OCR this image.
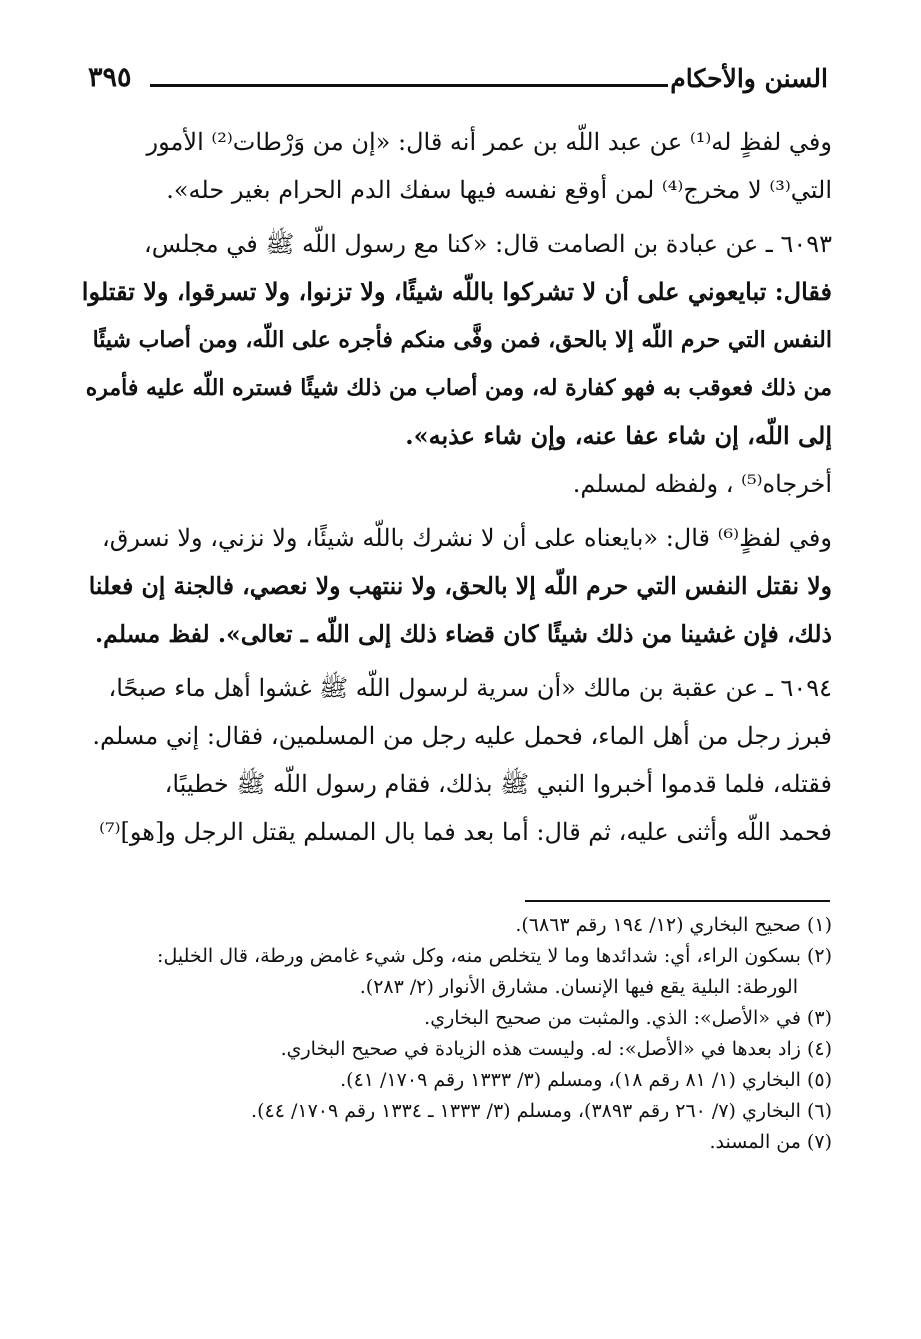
السنن والأحكام
٣٩٥
وفي لفظٍ له⁽¹⁾ عن عبد اللّه بن عمر أنه قال: «إن من وَرْطات⁽²⁾ الأمور
التي⁽³⁾ لا مخرج⁽⁴⁾ لمن أوقع نفسه فيها سفك الدم الحرام بغير حله».
٦٠٩٣ ـ عن عبادة بن الصامت قال: «كنا مع رسول اللّه ﷺ في مجلس،
فقال: تبايعوني على أن لا تشركوا باللّه شيئًا، ولا تزنوا، ولا تسرقوا، ولا تقتلوا
النفس التي حرم اللّه إلا بالحق، فمن وفَّى منكم فأجره على اللّه، ومن أصاب شيئًا
من ذلك فعوقب به فهو كفارة له، ومن أصاب من ذلك شيئًا فستره اللّه عليه فأمره
إلى اللّه، إن شاء عفا عنه، وإن شاء عذبه».
أخرجاه⁽⁵⁾ ، ولفظه لمسلم.
وفي لفظٍ⁽⁶⁾ قال: «بايعناه على أن لا نشرك باللّه شيئًا، ولا نزني، ولا نسرق،
ولا نقتل النفس التي حرم اللّه إلا بالحق، ولا ننتهب ولا نعصي، فالجنة إن فعلنا
ذلك، فإن غشينا من ذلك شيئًا كان قضاء ذلك إلى اللّه ـ تعالى». لفظ مسلم.
٦٠٩٤ ـ عن عقبة بن مالك «أن سرية لرسول اللّه ﷺ غشوا أهل ماء صبحًا،
فبرز رجل من أهل الماء، فحمل عليه رجل من المسلمين، فقال: إني مسلم.
فقتله، فلما قدموا أخبروا النبي ﷺ بذلك، فقام رسول اللّه ﷺ خطيبًا،
فحمد اللّه وأثنى عليه، ثم قال: أما بعد فما بال المسلم يقتل الرجل و[هو]⁽⁷⁾
(١) صحيح البخاري (١٢/ ١٩٤ رقم ٦٨٦٣).
(٢) بسكون الراء، أي: شدائدها وما لا يتخلص منه، وكل شيء غامض ورطة، قال الخليل:
الورطة: البلية يقع فيها الإنسان. مشارق الأنوار (٢/ ٢٨٣).
(٣) في «الأصل»: الذي. والمثبت من صحيح البخاري.
(٤) زاد بعدها في «الأصل»: له. وليست هذه الزيادة في صحيح البخاري.
(٥) البخاري (١/ ٨١ رقم ١٨)، ومسلم (٣/ ١٣٣٣ رقم ١٧٠٩/ ٤١).
(٦) البخاري (٧/ ٢٦٠ رقم ٣٨٩٣)، ومسلم (٣/ ١٣٣٣ ـ ١٣٣٤ رقم ١٧٠٩/ ٤٤).
(٧) من المسند.
